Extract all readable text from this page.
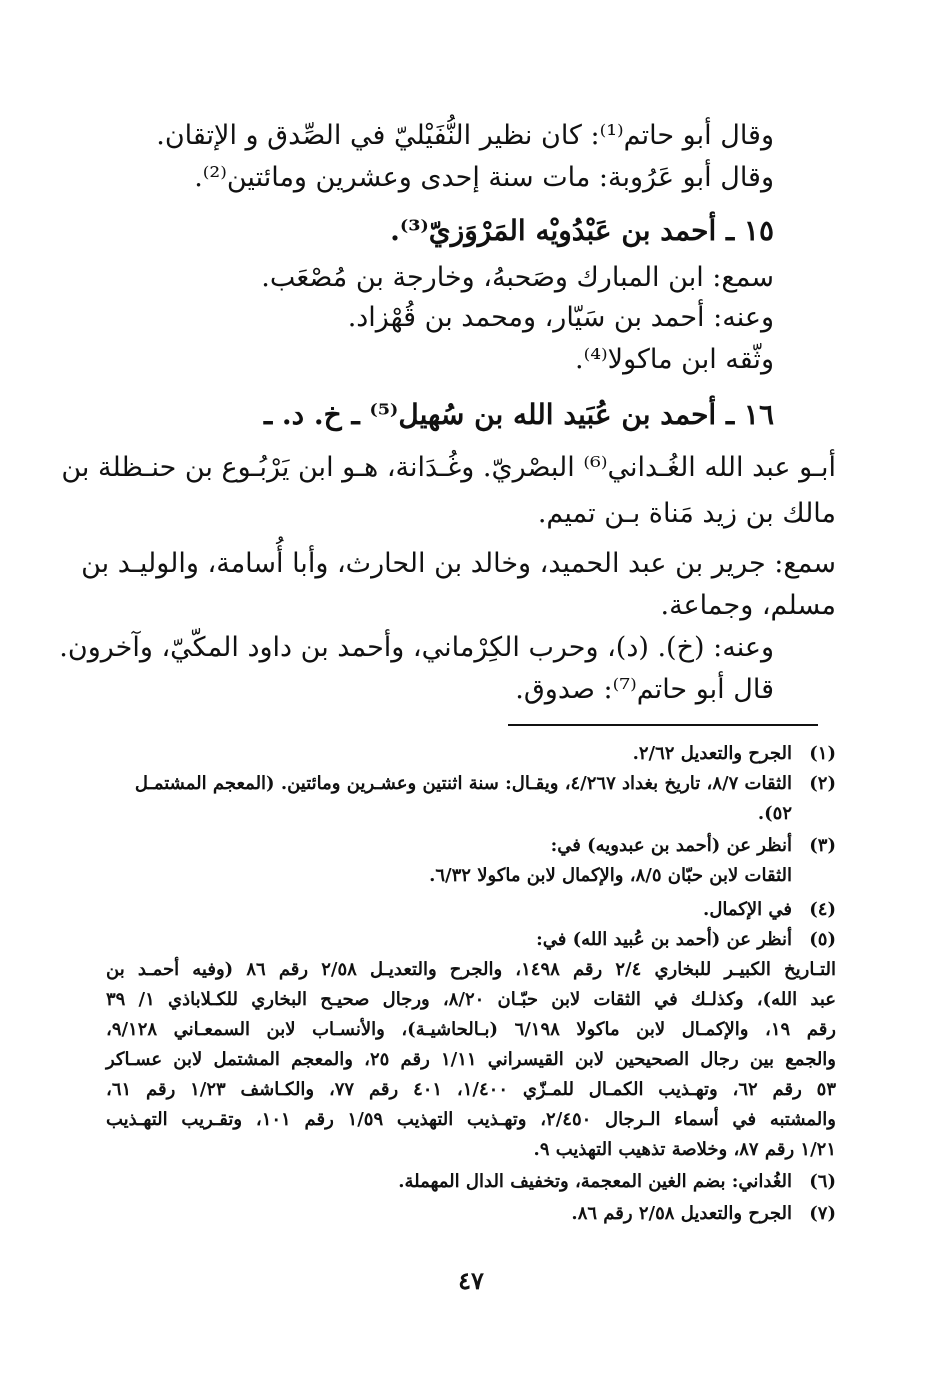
وقال أبو حاتم⁽¹⁾: كان نظير النُّفَيْليّ في الصِّدق و الإتقان.
وقال أبو عَرُوبة: مات سنة إحدى وعشرين ومائتين⁽²⁾.
١٥ ـ أحمد بن عَبْدُويْه المَرْوَزيّ⁽³⁾.
سمع: ابن المبارك وصَحبهُ، وخارجة بن مُصْعَب.
وعنه: أحمد بن سَيّار، ومحمد بن قُهْزاد.
وثّقه ابن ماكولا⁽⁴⁾.
١٦ ـ أحمد بن عُبَيد الله بن سُهيل⁽⁵⁾ ـ خ. د. ـ
أبـو عبد الله الغُـداني⁽⁶⁾ البصْريّ. وغُـدَانة، هـو ابن يَرْبُـوع بن حنـظلة بن
مالك بن زيد مَناة بـن تميم.
سمع: جرير بن عبد الحميد، وخالد بن الحارث، وأبا أُسامة، والوليـد بن
مسلم، وجماعة.
وعنه: (خ). (د)، وحرب الكِرْماني، وأحمد بن داود المكّيّ، وآخرون.
قال أبو حاتم⁽⁷⁾: صدوق.
(١)الجرح والتعديل ٢/٦٢.
(٢)الثقات ٨/٧، تاريخ بغداد ٤/٢٦٧، ويقـال: سنة اثنتين وعشـرين ومائتين. (المعجم المشتمـل
٥٢).
(٣)أنظر عن (أحمد بن عبدويه) في:
الثقات لابن حبّان ٨/٥، والإكمال لابن ماكولا ٦/٣٢.
(٤)في الإكمال.
(٥)أنظر عن (أحمد بن عُبيد الله) في:
التـاريخ الكبيـر للبخاري ٢/٤ رقم ١٤٩٨، والجرح والتعديـل ٢/٥٨ رقم ٨٦ (وفيه أحمـد بن
عبد الله)، وكذلـك في الثقات لابن حبّـان ٨/٢٠، ورجال صحيـح البخاري للكـلاباذي ١/ ٣٩
رقم ١٩، والإكمـال لابن ماكولا ٦/١٩٨ (بـالحاشيـة)، والأنسـاب لابن السمعـاني ٩/١٢٨،
والجمع بين رجال الصحيحين لابن القيسراني ١/١١ رقم ٢٥، والمعجم المشتمل لابن عسـاكر
٥٣ رقم ٦٢، وتهـذيب الكمـال للمـزّي ١/٤٠٠، ٤٠١ رقم ٧٧، والكـاشف ١/٢٣ رقم ٦١،
والمشتبه في أسماء الـرجال ٢/٤٥٠، وتهـذيب التهذيب ١/٥٩ رقم ١٠١، وتقـريب التهـذيب
١/٢١ رقم ٨٧، وخلاصة تذهيب التهذيب ٩.
(٦)الغُداني: بضم الغين المعجمة، وتخفيف الدال المهملة.
(٧)الجرح والتعديل ٢/٥٨ رقم ٨٦.
٤٧
